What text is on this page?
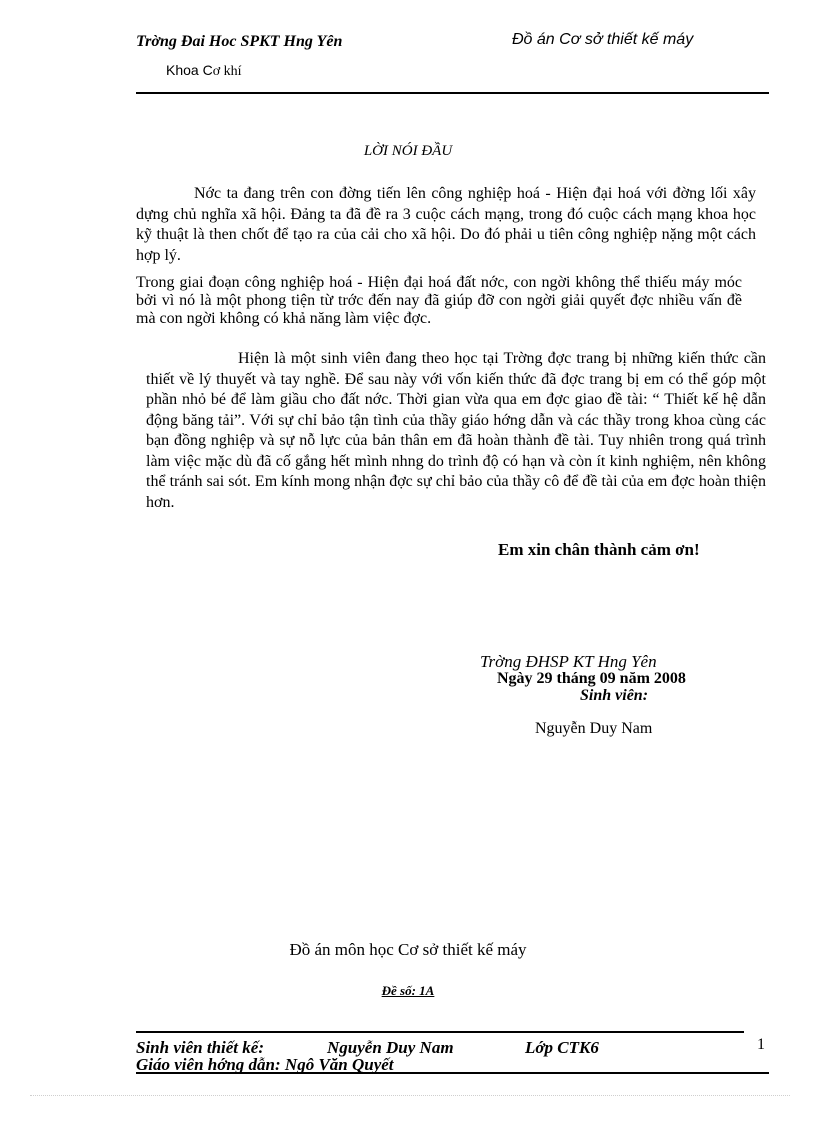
Trờng Đai Hoc SPKT Hng Yên	Đồ án Cơ sở thiết kế máy
Khoa Cơ khí
LỜI NÓI ĐẦU

Nớc ta đang trên con đờng tiến lên công nghiệp hoá - Hiện đại hoá với đờng lối xây dựng chủ nghĩa xã hội. Đảng ta đã đề ra 3 cuộc cách mạng, trong đó cuộc cách mạng khoa học kỹ thuật là then chốt để tạo ra của cải cho xã hội. Do đó phải u tiên công nghiệp nặng một cách hợp lý.

Trong giai đoạn công nghiệp hoá - Hiện đại hoá đất nớc, con ngời không thể thiếu máy móc bởi vì nó là một phong tiện từ trớc đến nay đã giúp đỡ con ngời giải quyết đợc nhiều vấn đề mà con ngời không có khả năng làm việc đợc.

Hiện là một sinh viên đang theo học tại Trờng đợc trang bị những kiến thức cần thiết về lý thuyết và tay nghề. Để sau này với vốn kiến thức đã đợc trang bị em có thể góp một phần nhỏ bé để làm giầu cho đất nớc. Thời gian vừa qua em đợc giao đề tài: “ Thiết kế hệ dẫn động băng tải”. Với sự chỉ bảo tận tình của thầy giáo hớng dẫn và các thầy trong khoa cùng các bạn đồng nghiệp và sự nỗ lực của bản thân em đã hoàn thành đề tài. Tuy nhiên trong quá trình làm việc mặc dù đã cố gắng hết mình nhng do trình độ có hạn và còn ít kinh nghiệm, nên không thể tránh sai sót. Em kính mong nhận đợc sự chỉ bảo của thầy cô để đề tài của em đợc hoàn thiện hơn.

Em xin chân thành cảm ơn!
Trờng ĐHSP KT Hng Yên
Ngày 29 tháng 09 năm 2008
Sinh viên:
Nguyễn Duy Nam
Đồ án môn học Cơ sở thiết kế máy
Đề số: 1A
Sinh viên thiết kế:	Nguyễn Duy Nam	Lớp CTK6
Giáo viên hớng dẫn: Ngô Văn Quyết
1
